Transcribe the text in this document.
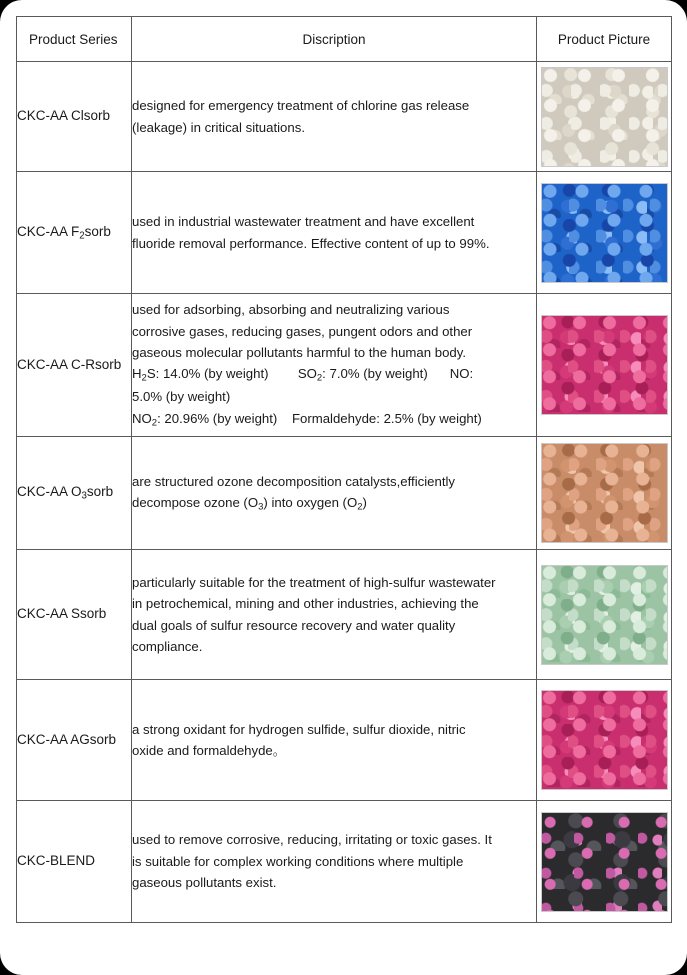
Product Series	Discription	Product Picture
CKC-AA Clsorb	designed for emergency treatment of chlorine gas release
(leakage) in critical situations.	

CKC-AA $F_2sorb$	used in industrial wastewater treatment and have excellent
fluoride removal performance. Effective content of up to 99%.	

CKC-AA C-Rsorb	
used for adsorbing, absorbing and neutralizing various
corrosive gases, reducing gases, pungent odors and other
gaseous molecular pollutants harmful to the human body.
$H_2S$: 14.0% (by weight)        $SO_2$: 7.0% (by weight)      NO:
5.0% (by weight)
$NO_2$: 20.96% (by weight)    Formaldehyde: 2.5% (by weight)

CKC-AA $O_3sorb$	are structured ozone decomposition catalysts,efficiently
decompose ozone $(O_3)$ into oxygen $(O_2)$	

CKC-AA Ssorb	particularly suitable for the treatment of high-sulfur wastewater
in petrochemical, mining and other industries, achieving the
dual goals of sulfur resource recovery and water quality
compliance.	

CKC-AA AGsorb	a strong oxidant for hydrogen sulfide, sulfur dioxide, nitric
oxide and formaldehyde。	

CKC-BLEND	used to remove corrosive, reducing, irritating or toxic gases. It
is suitable for complex working conditions where multiple
gaseous pollutants exist.	
